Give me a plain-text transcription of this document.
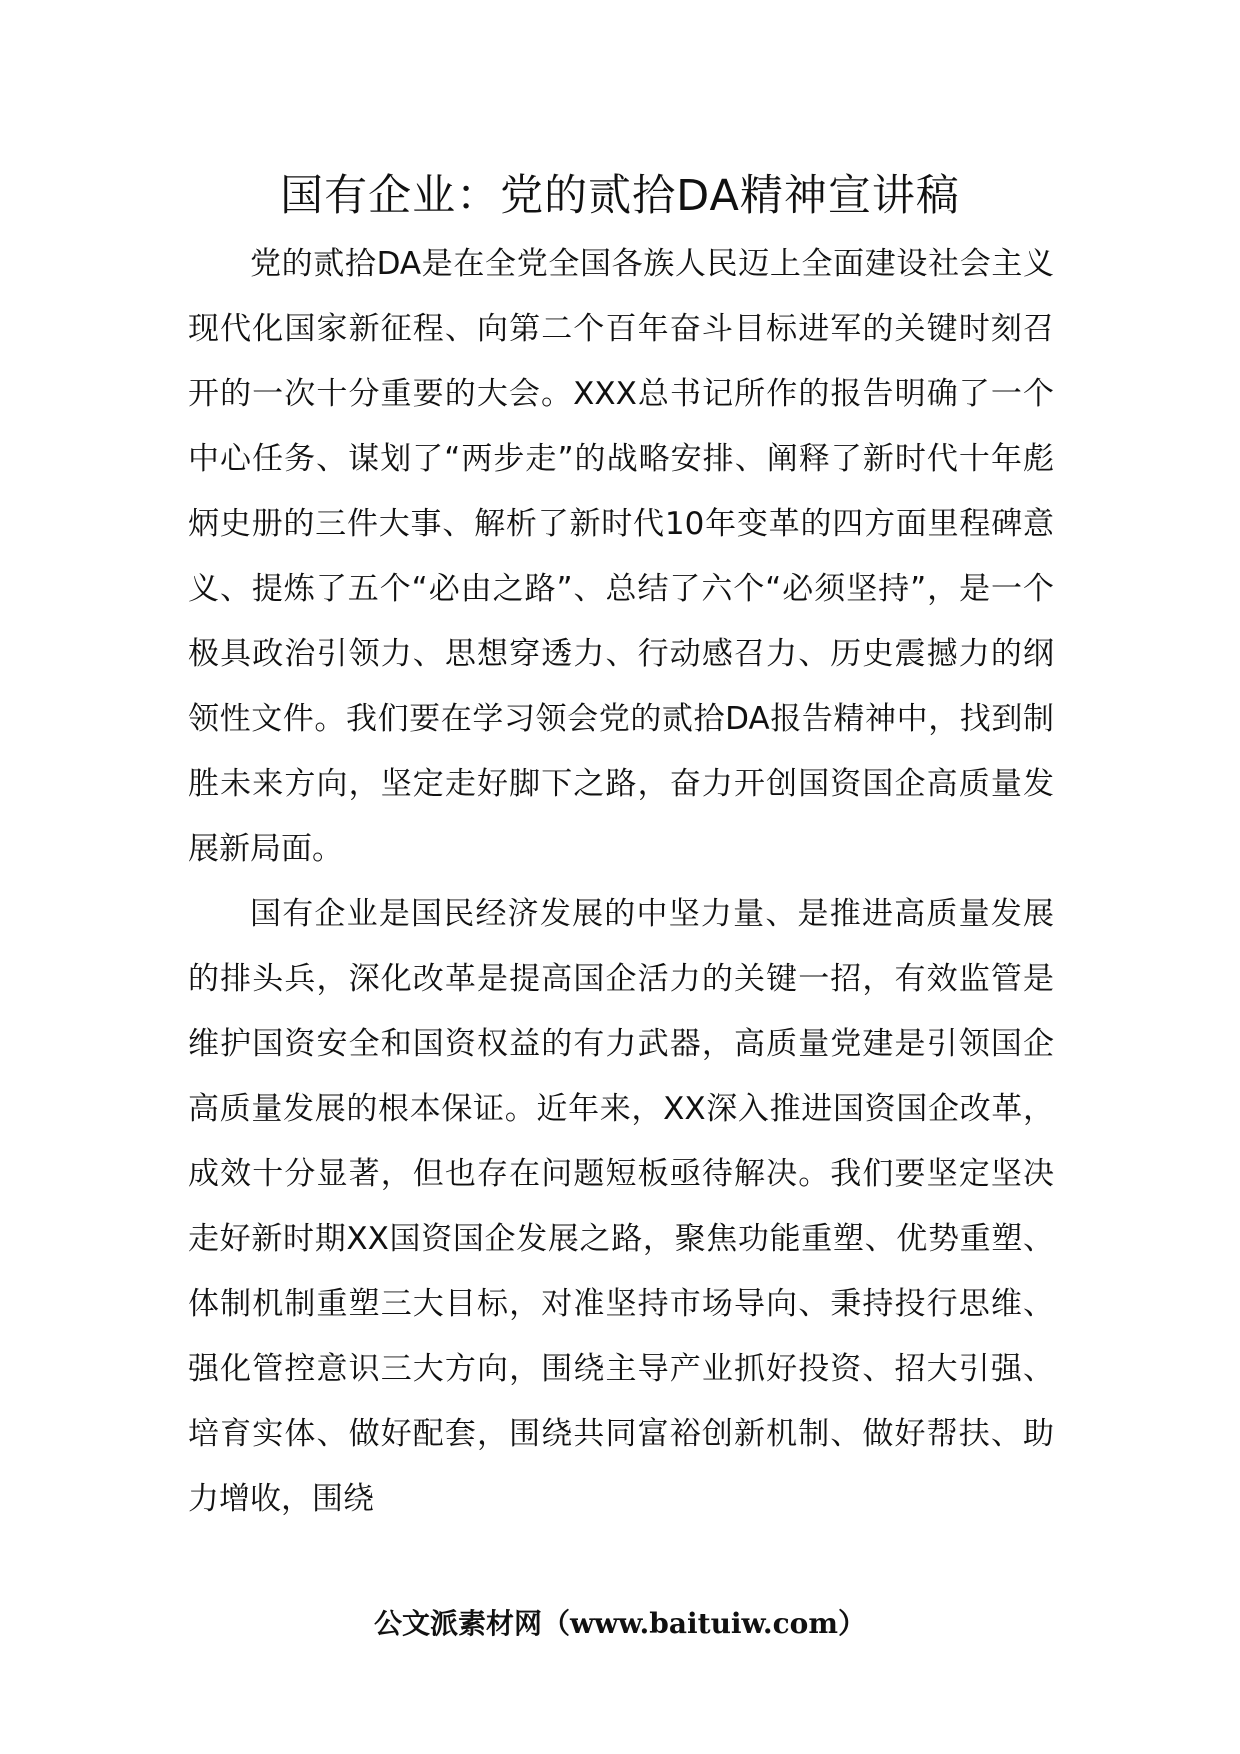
国有企业：党的贰拾DA精神宣讲稿

党的贰拾DA是在全党全国各族人民迈上全面建设社会主义现代化国家新征程、向第二个百年奋斗目标进军的关键时刻召开的一次十分重要的大会。XXX总书记所作的报告明确了一个中心任务、谋划了“两步走”的战略安排、阐释了新时代十年彪炳史册的三件大事、解析了新时代10年变革的四方面里程碑意义、提炼了五个“必由之路”、总结了六个“必须坚持”，是一个极具政治引领力、思想穿透力、行动感召力、历史震撼力的纲领性文件。我们要在学习领会党的贰拾DA报告精神中，找到制胜未来方向，坚定走好脚下之路，奋力开创国资国企高质量发展新局面。

国有企业是国民经济发展的中坚力量、是推进高质量发展的排头兵，深化改革是提高国企活力的关键一招，有效监管是维护国资安全和国资权益的有力武器，高质量党建是引领国企高质量发展的根本保证。近年来，XX深入推进国资国企改革，成效十分显著，但也存在问题短板亟待解决。我们要坚定坚决走好新时期XX国资国企发展之路，聚焦功能重塑、优势重塑、体制机制重塑三大目标，对准坚持市场导向、秉持投行思维、强化管控意识三大方向，围绕主导产业抓好投资、招大引强、培育实体、做好配套，围绕共同富裕创新机制、做好帮扶、助力增收，围绕

公文派素材网（www.baituiw.com）
